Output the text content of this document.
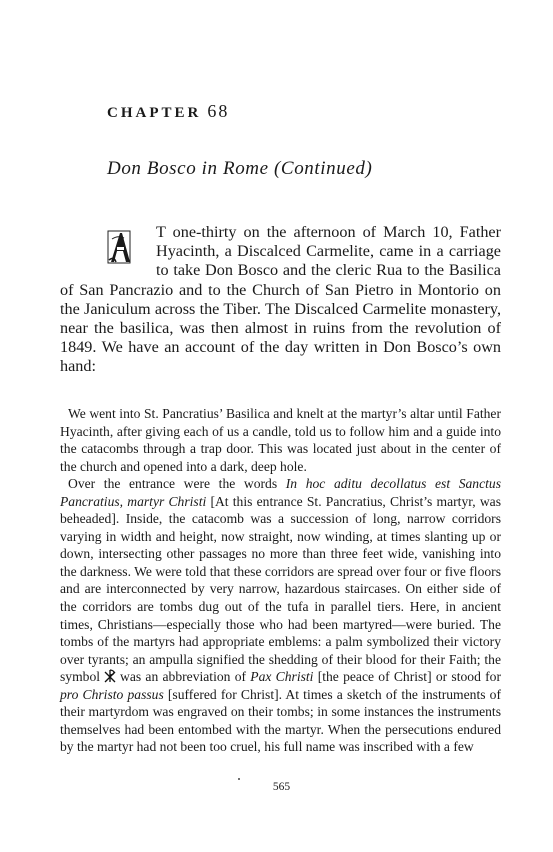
CHAPTER 68
Don Bosco in Rome (Continued)

T one-thirty on the afternoon of March 10, Father Hyacinth, a Discalced Carmelite, came in a carriage to take Don Bosco and the cleric Rua to the Basilica of San Pancrazio and to the Church of San Pietro in Montorio on the Janiculum across the Tiber. The Discalced Carmelite monastery, near the basilica, was then almost in ruins from the revolution of 1849. We have an account of the day written in Don Bosco’s own hand:

We went into St. Pancratius’ Basilica and knelt at the martyr’s altar until Father Hyacinth, after giving each of us a candle, told us to follow him and a guide into the catacombs through a trap door. This was located just about in the center of the church and opened into a dark, deep hole.

Over the entrance were the words In hoc aditu decollatus est Sanctus Pancratius, martyr Christi [At this entrance St. Pancratius, Christ’s martyr, was beheaded]. Inside, the catacomb was a succession of long, narrow corridors varying in width and height, now straight, now winding, at times slanting up or down, intersecting other passages no more than three feet wide, vanishing into the darkness. We were told that these corridors are spread over four or five floors and are interconnected by very narrow, hazardous staircases. On either side of the corridors are tombs dug out of the tufa in parallel tiers. Here, in ancient times, Christians—especially those who had been martyred—were buried. The tombs of the martyrs had appropriate emblems: a palm symbolized their victory over tyrants; an ampulla signified the shedding of their blood for their Faith; the symbol was an abbreviation of Pax Christi [the peace of Christ] or stood for pro Christo passus [suffered for Christ]. At times a sketch of the instruments of their martyrdom was engraved on their tombs; in some instances the instruments themselves had been entombed with the martyr. When the persecutions endured by the martyr had not been too cruel, his full name was inscribed with a few

565
